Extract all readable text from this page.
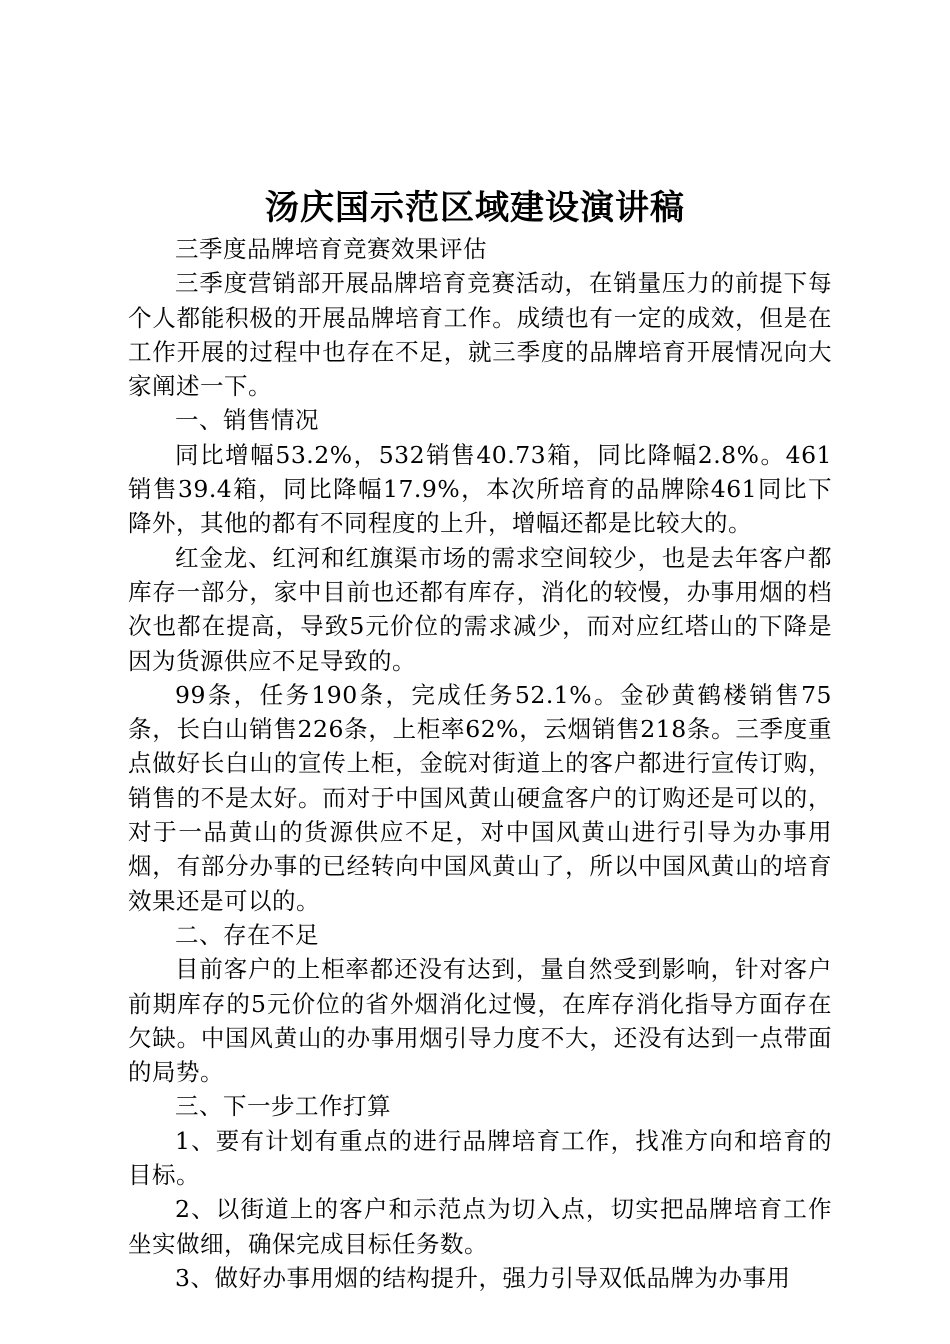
汤庆国示范区域建设演讲稿

三季度品牌培育竞赛效果评估

三季度营销部开展品牌培育竞赛活动，在销量压力的前提下每个人都能积极的开展品牌培育工作。成绩也有一定的成效，但是在工作开展的过程中也存在不足，就三季度的品牌培育开展情况向大家阐述一下。

一、销售情况

同比增幅53.2%，532销售40.73箱，同比降幅2.8%。461销售39.4箱，同比降幅17.9%，本次所培育的品牌除461同比下降外，其他的都有不同程度的上升，增幅还都是比较大的。

红金龙、红河和红旗渠市场的需求空间较少，也是去年客户都库存一部分，家中目前也还都有库存，消化的较慢，办事用烟的档次也都在提高，导致5元价位的需求减少，而对应红塔山的下降是因为货源供应不足导致的。

99条，任务190条，完成任务52.1%。金砂黄鹤楼销售75条，长白山销售226条，上柜率62%，云烟销售218条。三季度重点做好长白山的宣传上柜，金皖对街道上的客户都进行宣传订购，销售的不是太好。而对于中国风黄山硬盒客户的订购还是可以的，对于一品黄山的货源供应不足，对中国风黄山进行引导为办事用烟，有部分办事的已经转向中国风黄山了，所以中国风黄山的培育效果还是可以的。

二、存在不足

目前客户的上柜率都还没有达到，量自然受到影响，针对客户前期库存的5元价位的省外烟消化过慢，在库存消化指导方面存在欠缺。中国风黄山的办事用烟引导力度不大，还没有达到一点带面的局势。

三、下一步工作打算

1、要有计划有重点的进行品牌培育工作，找准方向和培育的目标。

2、以街道上的客户和示范点为切入点，切实把品牌培育工作坐实做细，确保完成目标任务数。

3、做好办事用烟的结构提升，强力引导双低品牌为办事用
